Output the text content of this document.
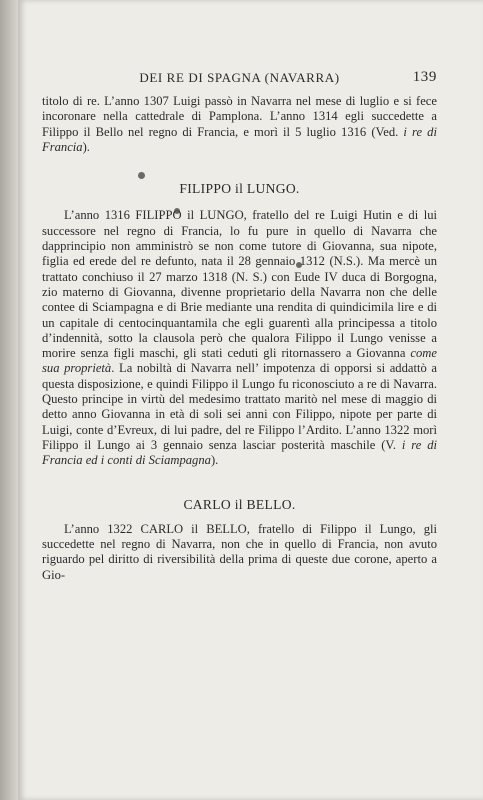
DEI RE DI SPAGNA (NAVARRA)	139

titolo di re. L’anno 1307 Luigi passò in Navarra nel mese di luglio e si fece incoronare nella cattedrale di Pamplona. L’anno 1314 egli succedette a Filippo il Bello nel regno di Francia, e morì il 5 luglio 1316 (Ved. i re di Francia).

FILIPPO il LUNGO.

L’anno 1316 FILIPPO il LUNGO, fratello del re Luigi Hutin e di lui successore nel regno di Francia, lo fu pure in quello di Navarra che dapprincipio non amministrò se non come tutore di Giovanna, sua nipote, figlia ed erede del re defunto, nata il 28 gennaio 1312 (N.S.). Ma mercè un trattato conchiuso il 27 marzo 1318 (N. S.) con Eude IV duca di Borgogna, zio materno di Giovanna, divenne proprietario della Navarra non che delle contee di Sciampagna e di Brie mediante una rendita di quindicimila lire e di un capitale di centocinquantamila che egli guarentì alla principessa a titolo d’indennità, sotto la clausola però che qualora Filippo il Lungo venisse a morire senza figli maschi, gli stati ceduti gli ritornassero a Giovanna come sua proprietà. La nobiltà di Navarra nell’ impotenza di opporsi si addattò a questa disposizione, e quindi Filippo il Lungo fu riconosciuto a re di Navarra. Questo principe in virtù del medesimo trattato maritò nel mese di maggio di detto anno Giovanna in età di soli sei anni con Filippo, nipote per parte di Luigi, conte d’Evreux, di lui padre, del re Filippo l’Ardito. L’anno 1322 morì Filippo il Lungo ai 3 gennaio senza lasciar posterità maschile (V. i re di Francia ed i conti di Sciampagna).

CARLO il BELLO.

L’anno 1322 CARLO il BELLO, fratello di Filippo il Lungo, gli succedette nel regno di Navarra, non che in quello di Francia, non avuto riguardo pel diritto di riversibilità della prima di queste due corone, aperto a Gio-
